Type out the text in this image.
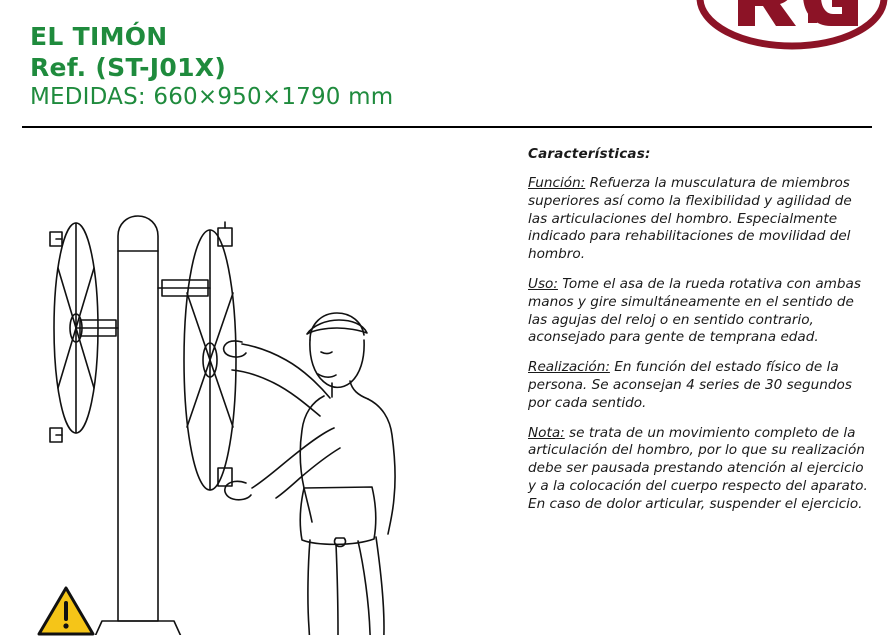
EL TIMÓN
Ref. (ST-J01X)
MEDIDAS: 660×950×1790 mm
Características:
Función: Refuerza la musculatura de miembros superiores así como la flexibilidad y agilidad de las articulaciones del hombro. Especialmente indicado para rehabilitaciones de movilidad del hombro.
Uso: Tome el asa de la rueda rotativa con ambas manos y gire simultáneamente en el sentido de las agujas del reloj o en sentido contrario, aconsejado para gente de temprana edad.
Realización: En función del estado físico de la persona. Se aconsejan 4 series de 30 segundos por cada sentido.
Nota: se trata de un movimiento completo de la articulación del hombro, por lo que su realización debe ser pausada prestando atención al ejercicio y a la colocación del cuerpo respecto del aparato. En caso de dolor articular, suspender el ejercicio.
